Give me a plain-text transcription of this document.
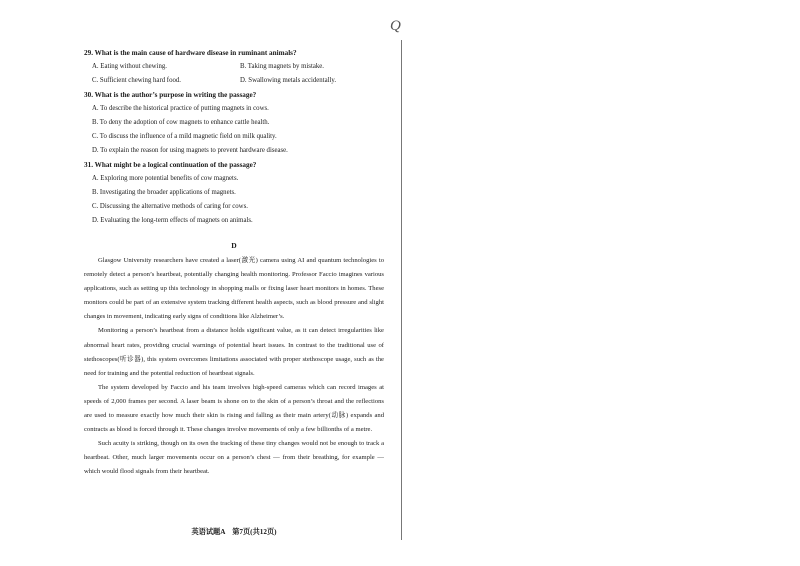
Q
29. What is the main cause of hardware disease in ruminant animals?
A. Eating without chewing.	B. Taking magnets by mistake.
C. Sufficient chewing hard food.	D. Swallowing metals accidentally.
30. What is the author’s purpose in writing the passage?
A. To describe the historical practice of putting magnets in cows.
B. To deny the adoption of cow magnets to enhance cattle health.
C. To discuss the influence of a mild magnetic field on milk quality.
D. To explain the reason for using magnets to prevent hardware disease.
31. What might be a logical continuation of the passage?
A. Exploring more potential benefits of cow magnets.
B. Investigating the broader applications of magnets.
C. Discussing the alternative methods of caring for cows.
D. Evaluating the long-term effects of magnets on animals.
D

Glasgow University researchers have created a laser(激光) camera using AI and quantum technologies to remotely detect a person’s heartbeat, potentially changing health monitoring. Professor Faccio imagines various applications, such as setting up this technology in shopping malls or fixing laser heart monitors in homes. These monitors could be part of an extensive system tracking different health aspects, such as blood pressure and slight changes in movement, indicating early signs of conditions like Alzheimer’s.

Monitoring a person’s heartbeat from a distance holds significant value, as it can detect irregularities like abnormal heart rates, providing crucial warnings of potential heart issues. In contrast to the traditional use of stethoscopes(听诊器), this system overcomes limitations associated with proper stethoscope usage, such as the need for training and the potential reduction of heartbeat signals.

The system developed by Faccio and his team involves high-speed cameras which can record images at speeds of 2,000 frames per second. A laser beam is shone on to the skin of a person’s throat and the reflections are used to measure exactly how much their skin is rising and falling as their main artery(动脉) expands and contracts as blood is forced through it. These changes involve movements of only a few billionths of a metre.

Such acuity is striking, though on its own the tracking of these tiny changes would not be enough to track a heartbeat. Other, much larger movements occur on a person’s chest — from their breathing, for example — which would flood signals from their heartbeat.

英语试题A　第7页(共12页)
